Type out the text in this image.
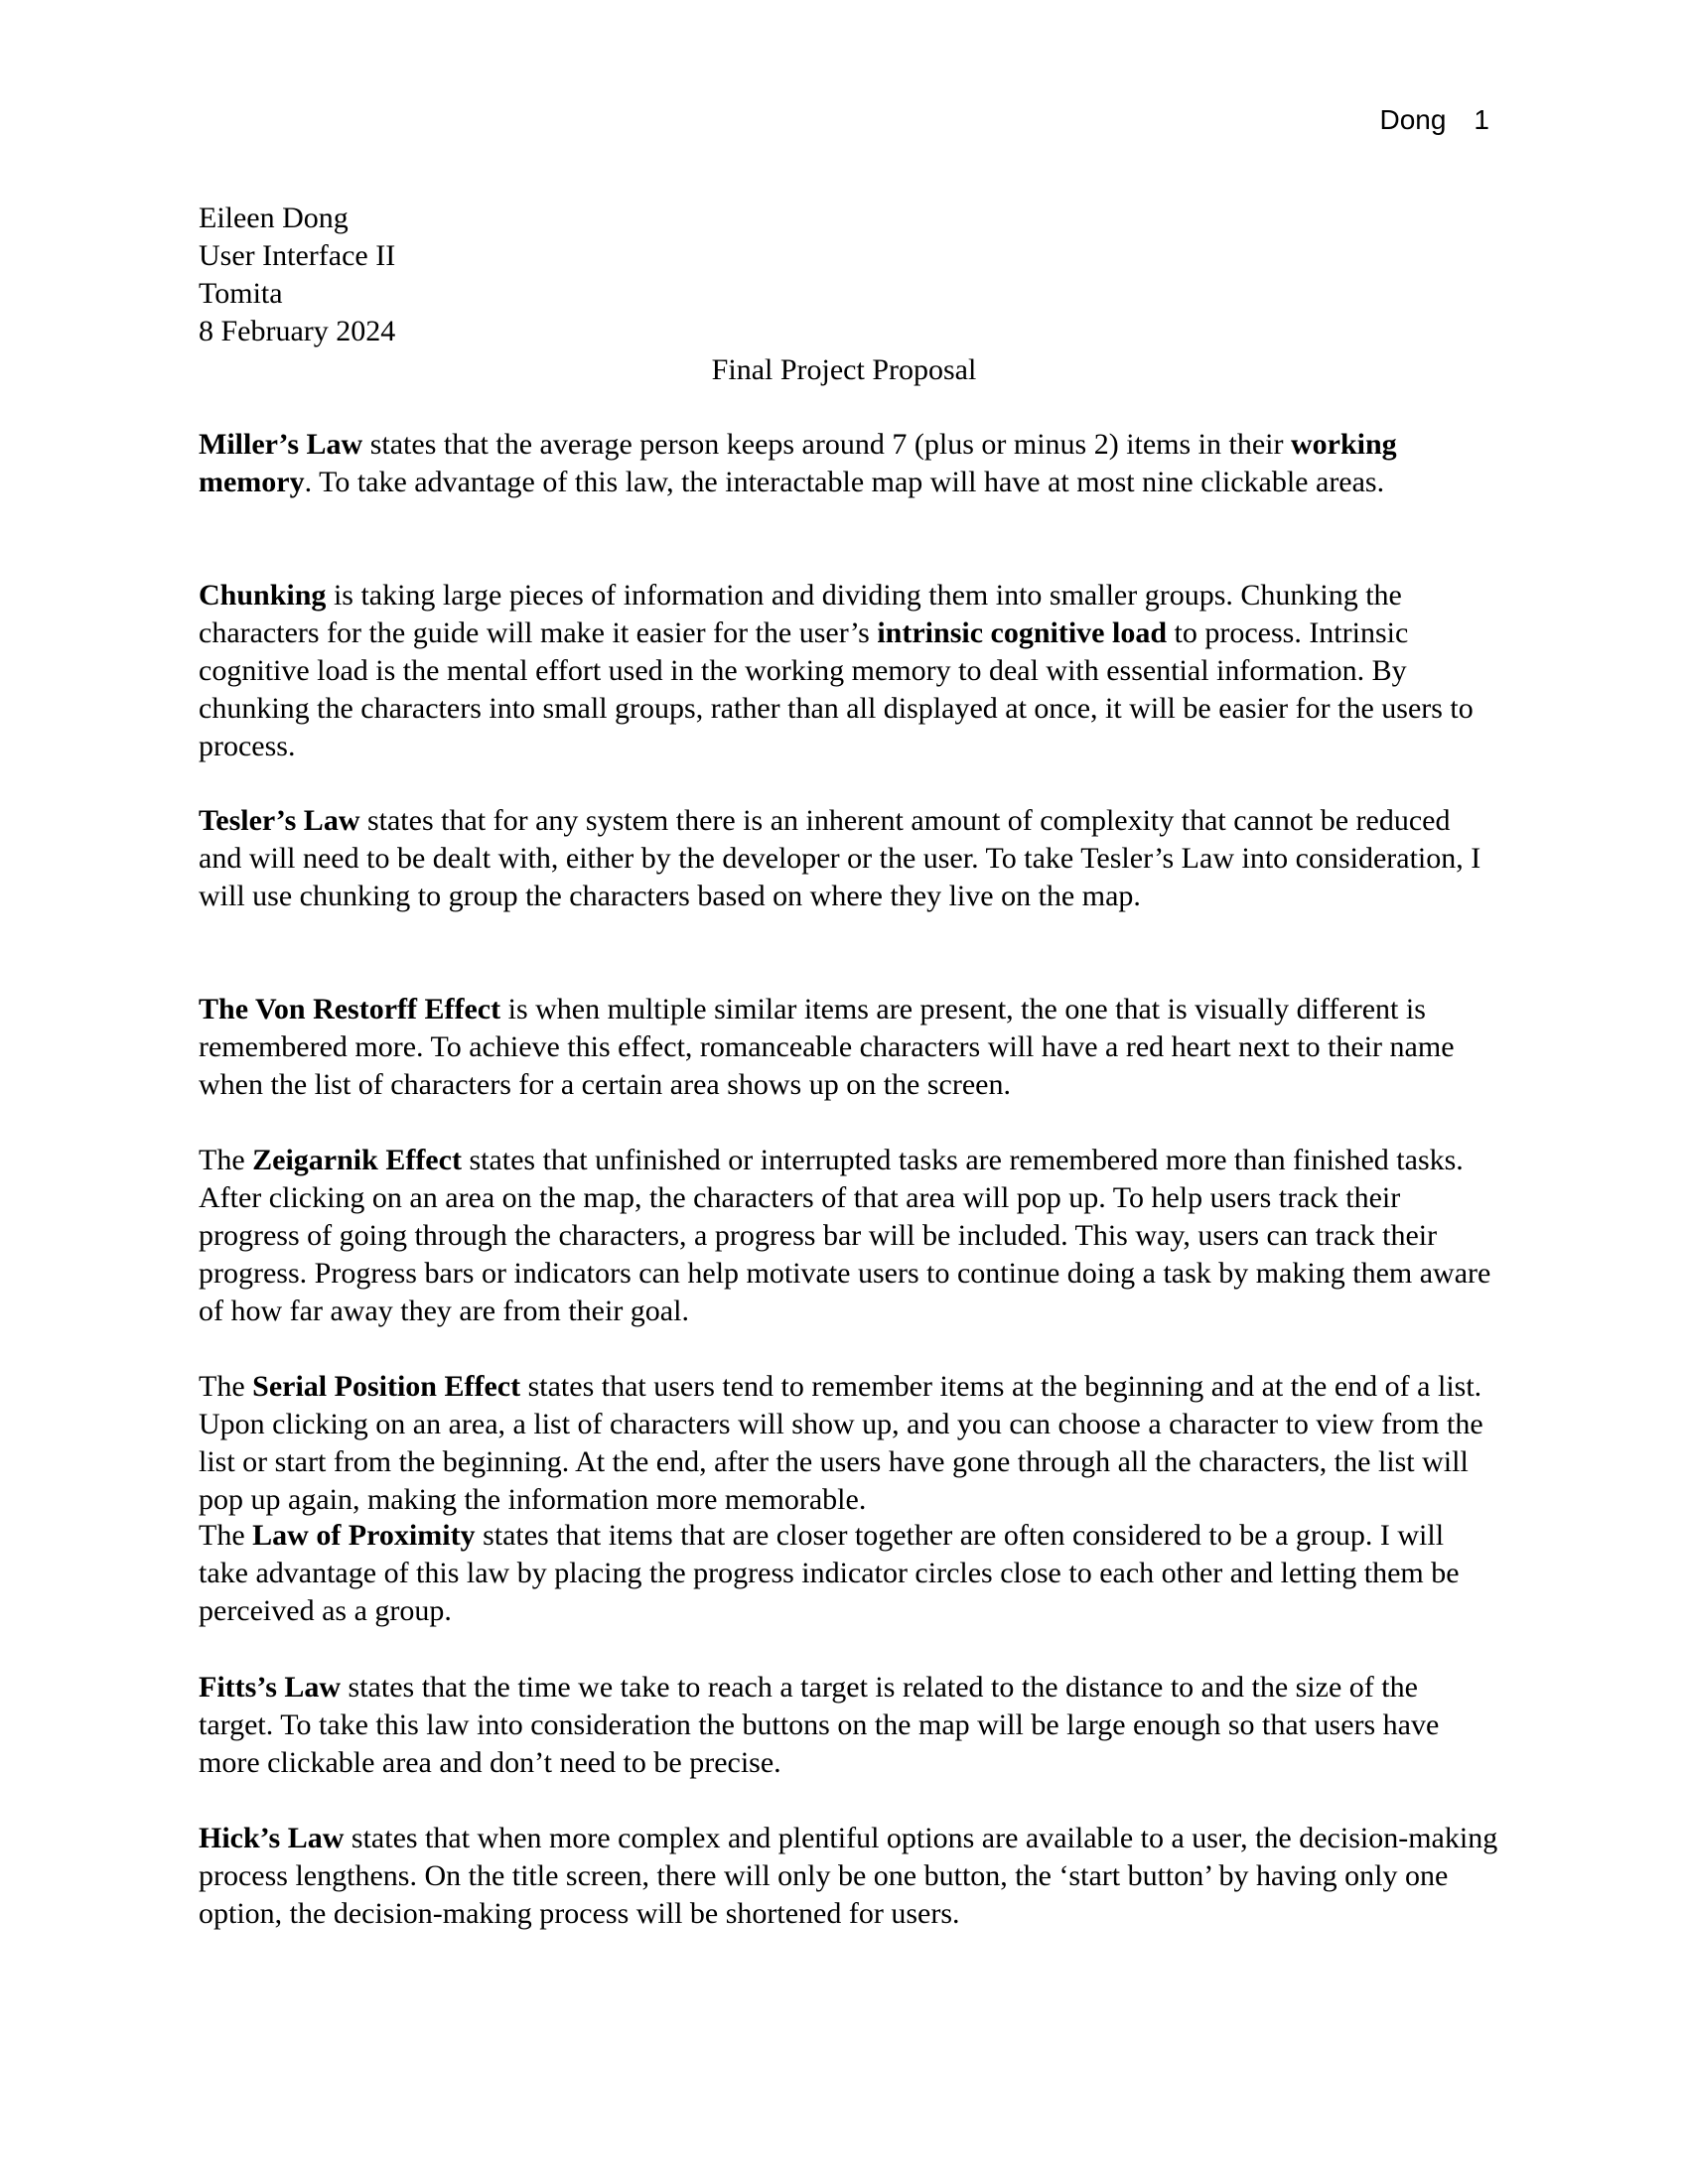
Dong 1
Eileen Dong
User Interface II
Tomita
8 February 2024
Final Project Proposal

Miller’s Law states that the average person keeps around 7 (plus or minus 2) items in their working memory. To take advantage of this law, the interactable map will have at most nine clickable areas.

Chunking is taking large pieces of information and dividing them into smaller groups. Chunking the characters for the guide will make it easier for the user’s intrinsic cognitive load to process. Intrinsic cognitive load is the mental effort used in the working memory to deal with essential information. By chunking the characters into small groups, rather than all displayed at once, it will be easier for the users to process.

Tesler’s Law states that for any system there is an inherent amount of complexity that cannot be reduced and will need to be dealt with, either by the developer or the user. To take Tesler’s Law into consideration, I will use chunking to group the characters based on where they live on the map.

The Von Restorff Effect is when multiple similar items are present, the one that is visually different is remembered more. To achieve this effect, romanceable characters will have a red heart next to their name when the list of characters for a certain area shows up on the screen.

The Zeigarnik Effect states that unfinished or interrupted tasks are remembered more than finished tasks. After clicking on an area on the map, the characters of that area will pop up. To help users track their progress of going through the characters, a progress bar will be included. This way, users can track their progress. Progress bars or indicators can help motivate users to continue doing a task by making them aware of how far away they are from their goal.

The Serial Position Effect states that users tend to remember items at the beginning and at the end of a list. Upon clicking on an area, a list of characters will show up, and you can choose a character to view from the list or start from the beginning. At the end, after the users have gone through all the characters, the list will pop up again, making the information more memorable.

The Law of Proximity states that items that are closer together are often considered to be a group. I will take advantage of this law by placing the progress indicator circles close to each other and letting them be perceived as a group.

Fitts’s Law states that the time we take to reach a target is related to the distance to and the size of the target. To take this law into consideration the buttons on the map will be large enough so that users have more clickable area and don’t need to be precise.

Hick’s Law states that when more complex and plentiful options are available to a user, the decision-making process lengthens. On the title screen, there will only be one button, the ‘start button’ by having only one option, the decision-making process will be shortened for users.
